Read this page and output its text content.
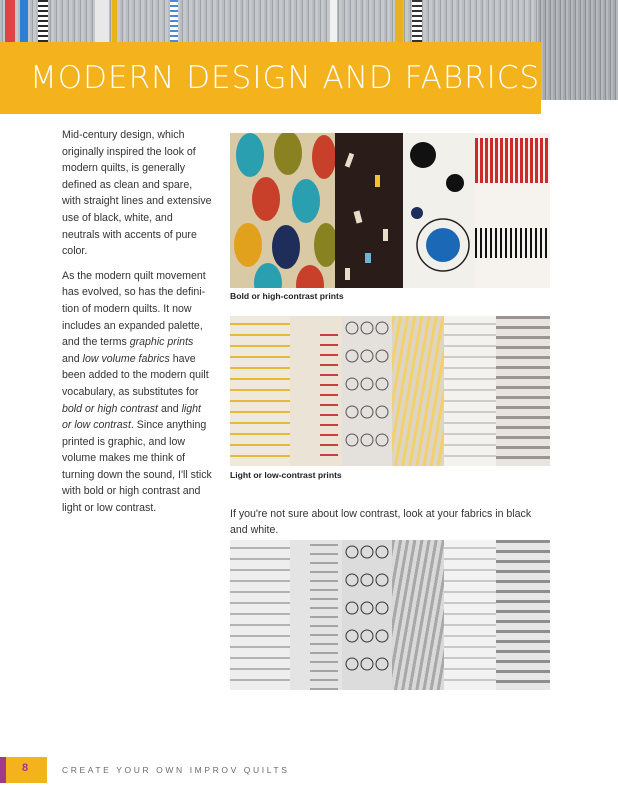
MODERN DESIGN AND FABRICS

Mid-century design, which originally inspired the look of modern quilts, is generally defined as clean and spare, with straight lines and extensive use of black, white, and neutrals with accents of pure color.

As the modern quilt movement has evolved, so has the defini-tion of modern quilts. It now includes an expanded palette, and the terms graphic prints and low volume fabrics have been added to the modern quilt vocabulary, as substitutes for bold or high contrast and light or low contrast. Since anything printed is graphic, and low volume makes me think of turning down the sound, I'll stick with bold or high contrast and light or low contrast.

Bold or high-contrast prints
Light or low-contrast prints

If you're not sure about low contrast, look at your fabrics in black and white.

8	CREATE YOUR OWN IMPROV QUILTS
